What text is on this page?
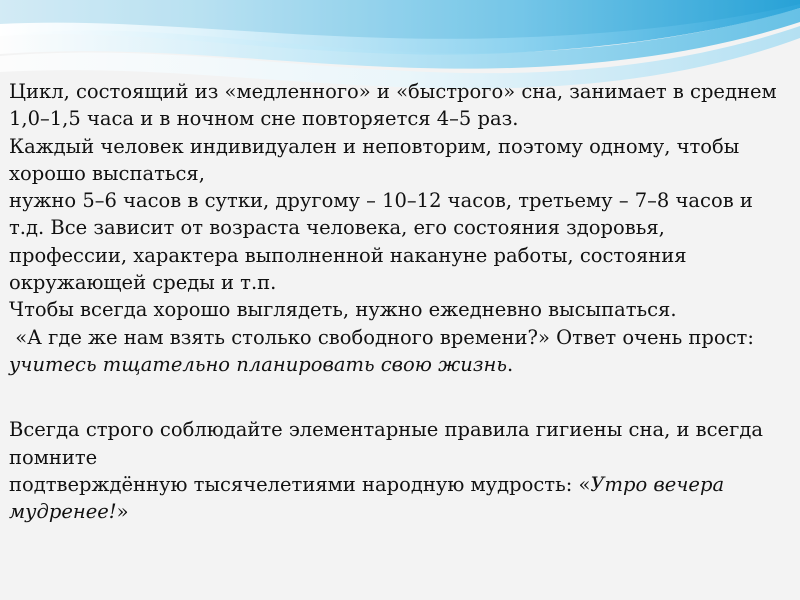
Цикл, состоящий из «медленного» и «быстрого» сна, занимает в среднем 1,0–1,5 часа и в ночном сне повторяется 4–5 раз.

Каждый человек индивидуален и неповторим, поэтому одному, чтобы хорошо выспаться,

нужно 5–6 часов в сутки, другому – 10–12 часов, третьему – 7–8 часов и т.д. Все зависит от возраста человека, его состояния здоровья,

профессии, характера выполненной накануне работы, состояния окружающей среды и т.п.

Чтобы всегда хорошо выглядеть, нужно ежедневно высыпаться.

«А где же нам взять столько свободного времени?» Ответ очень прост: учитесь тщательно планировать свою жизнь.

Всегда строго соблюдайте элементарные правила гигиены сна, и всегда помните

подтверждённую тысячелетиями народную мудрость: «Утро вечера мудренее!»
